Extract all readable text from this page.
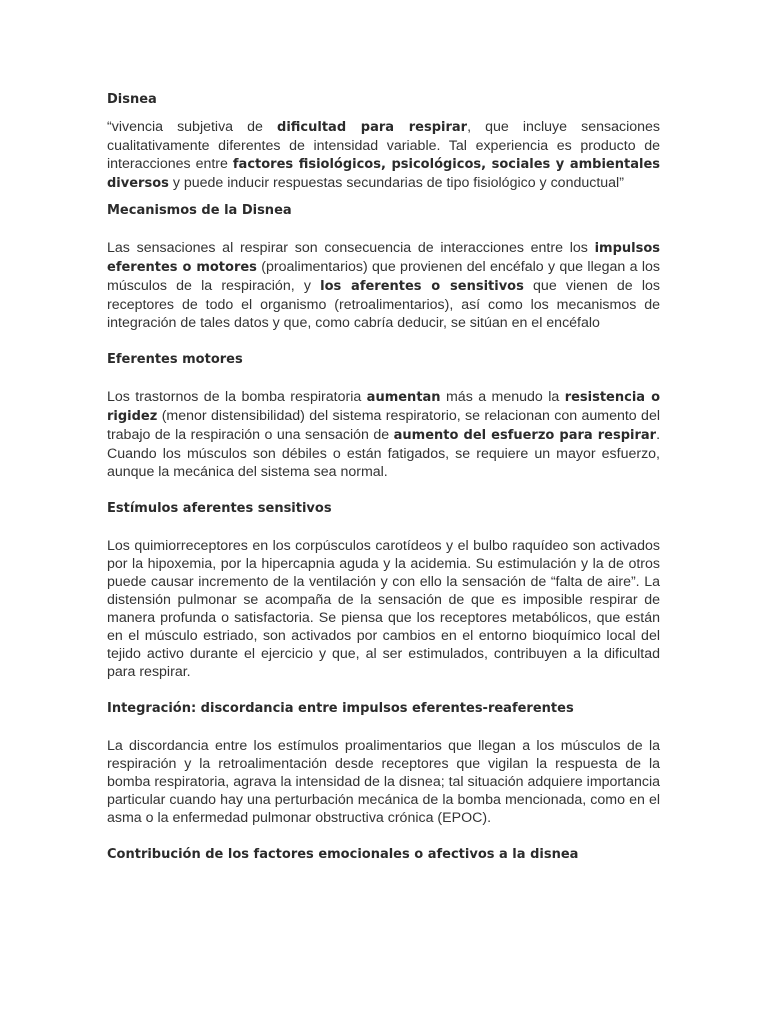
Disnea

“vivencia subjetiva de dificultad para respirar, que incluye sensaciones cualitativamente diferentes de intensidad variable. Tal experiencia es producto de interacciones entre factores fisiológicos, psicológicos, sociales y ambientales diversos y puede inducir respuestas secundarias de tipo fisiológico y conductual”

Mecanismos de la Disnea

Las sensaciones al respirar son consecuencia de interacciones entre los impulsos eferentes o motores (proalimentarios) que provienen del encéfalo y que llegan a los músculos de la respiración, y los aferentes o sensitivos que vienen de los receptores de todo el organismo (retroalimentarios), así como los mecanismos de integración de tales datos y que, como cabría deducir, se sitúan en el encéfalo

Eferentes motores

Los trastornos de la bomba respiratoria aumentan más a menudo la resistencia o rigidez (menor distensibilidad) del sistema respiratorio, se relacionan con aumento del trabajo de la respiración o una sensación de aumento del esfuerzo para respirar. Cuando los músculos son débiles o están fatigados, se requiere un mayor esfuerzo, aunque la mecánica del sistema sea normal.

Estímulos aferentes sensitivos

Los quimiorreceptores en los corpúsculos carotídeos y el bulbo raquídeo son activados por la hipoxemia, por la hipercapnia aguda y la acidemia. Su estimulación y la de otros puede causar incremento de la ventilación y con ello la sensación de “falta de aire”. La distensión pulmonar se acompaña de la sensación de que es imposible respirar de manera profunda o satisfactoria. Se piensa que los receptores metabólicos, que están en el músculo estriado, son activados por cambios en el entorno bioquímico local del tejido activo durante el ejercicio y que, al ser estimulados, contribuyen a la dificultad para respirar.

Integración: discordancia entre impulsos eferentes-reaferentes

La discordancia entre los estímulos proalimentarios que llegan a los músculos de la respiración y la retroalimentación desde receptores que vigilan la respuesta de la bomba respiratoria, agrava la intensidad de la disnea; tal situación adquiere importancia particular cuando hay una perturbación mecánica de la bomba mencionada, como en el asma o la enfermedad pulmonar obstructiva crónica (EPOC).

Contribución de los factores emocionales o afectivos a la disnea
